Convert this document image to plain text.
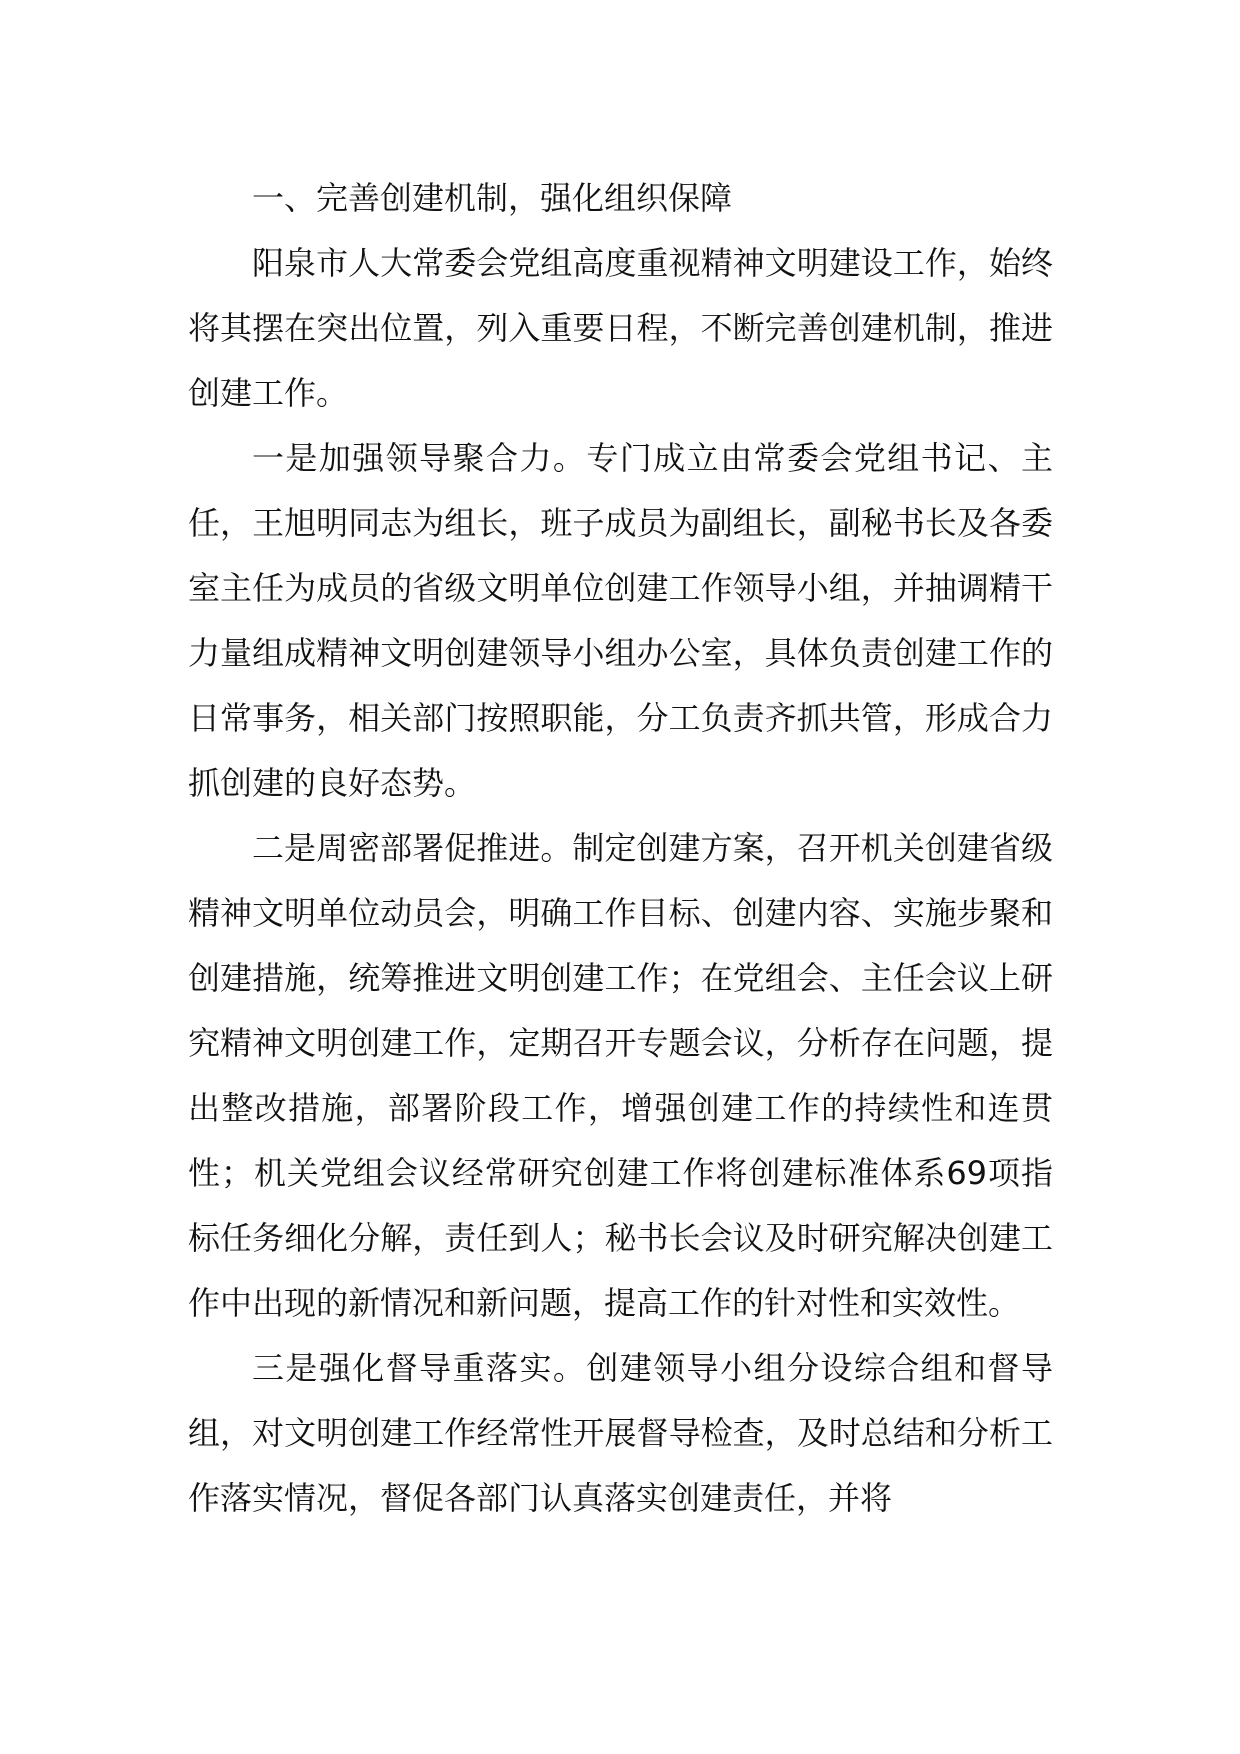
一、完善创建机制，强化组织保障

阳泉市人大常委会党组高度重视精神文明建设工作，始终将其摆在突出位置，列入重要日程，不断完善创建机制，推进创建工作。

一是加强领导聚合力。专门成立由常委会党组书记、主任，王旭明同志为组长，班子成员为副组长，副秘书长及各委室主任为成员的省级文明单位创建工作领导小组，并抽调精干力量组成精神文明创建领导小组办公室，具体负责创建工作的日常事务，相关部门按照职能，分工负责齐抓共管，形成合力抓创建的良好态势。

二是周密部署促推进。制定创建方案，召开机关创建省级精神文明单位动员会，明确工作目标、创建内容、实施步聚和创建措施，统筹推进文明创建工作；在党组会、主任会议上研究精神文明创建工作，定期召开专题会议，分析存在问题，提出整改措施，部署阶段工作，增强创建工作的持续性和连贯性；机关党组会议经常研究创建工作将创建标准体系69项指标任务细化分解，责任到人；秘书长会议及时研究解决创建工作中出现的新情况和新问题，提高工作的针对性和实效性。

三是强化督导重落实。创建领导小组分设综合组和督导组，对文明创建工作经常性开展督导检查，及时总结和分析工作落实情况，督促各部门认真落实创建责任，并将
